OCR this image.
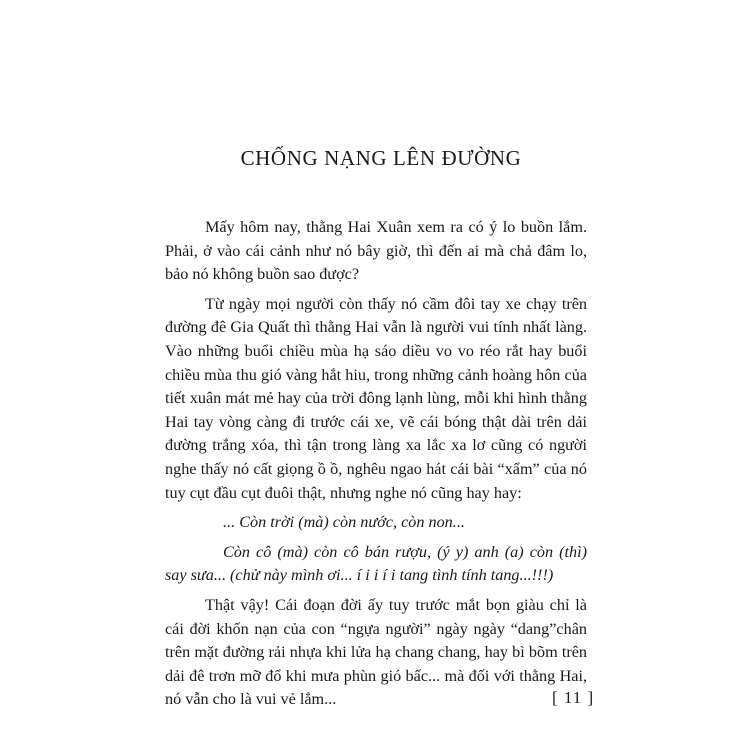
CHỐNG NẠNG LÊN ĐƯỜNG

Mấy hôm nay, thằng Hai Xuân xem ra có ý lo buồn lắm. Phải, ở vào cái cảnh như nó bây giờ, thì đến ai mà chả đâm lo, bảo nó không buồn sao được?

Từ ngày mọi người còn thấy nó cầm đôi tay xe chạy trên đường đê Gia Quất thì thằng Hai vẫn là người vui tính nhất làng. Vào những buổi chiều mùa hạ sáo diều vo vo réo rắt hay buổi chiều mùa thu gió vàng hắt hiu, trong những cảnh hoàng hôn của tiết xuân mát mẻ hay của trời đông lạnh lùng, mỗi khi hình thằng Hai tay vòng càng đi trước cái xe, vẽ cái bóng thật dài trên dải đường trắng xóa, thì tận trong làng xa lắc xa lơ cũng có người nghe thấy nó cất giọng ồ ồ, nghêu ngao hát cái bài “xẩm” của nó tuy cụt đầu cụt đuôi thật, nhưng nghe nó cũng hay hay:

... Còn trời (mà) còn nước, còn non...

Còn cô (mà) còn cô bán rượu, (ý y) anh (a) còn (thì) say sưa... (chử này mình ơi... í i i í i tang tình tính tang...!!!)

Thật vậy! Cái đoạn đời ấy tuy trước mắt bọn giàu chỉ là cái đời khốn nạn của con “ngựa người” ngày ngày “dang”chân trên mặt đường rải nhựa khi lửa hạ chang chang, hay bì bõm trên dải đê trơn mỡ đổ khi mưa phùn gió bấc... mà đối với thằng Hai, nó vẫn cho là vui vẻ lắm...	[ 11 ]
